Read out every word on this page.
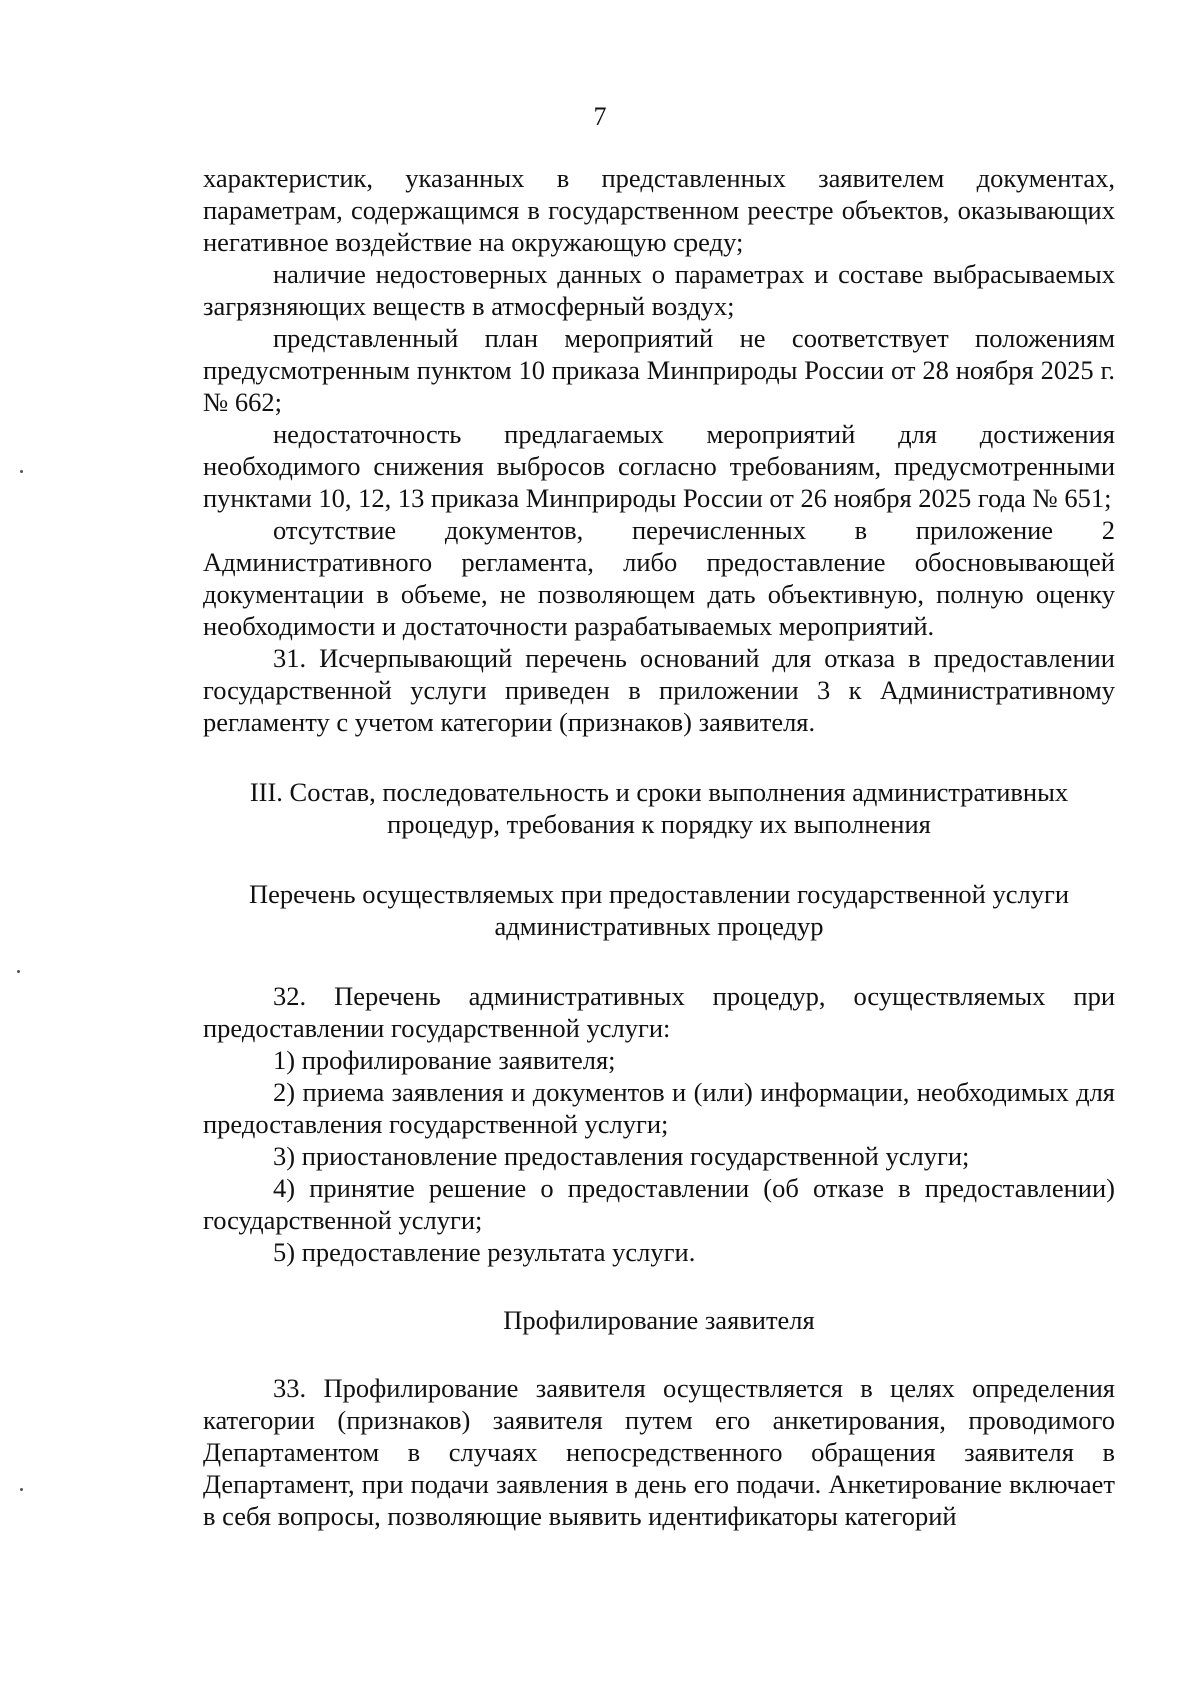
7

характеристик, указанных в представленных заявителем документах, параметрам, содержащимся в государственном реестре объектов, оказывающих негативное воздействие на окружающую среду;

наличие недостоверных данных о параметрах и составе выбрасываемых загрязняющих веществ в атмосферный воздух;

представленный план мероприятий не соответствует положениям предусмотренным пунктом 10 приказа Минприроды России от 28 ноября 2025 г. № 662;

недостаточность предлагаемых мероприятий для достижения необходимого снижения выбросов согласно требованиям, предусмотренными пунктами 10, 12, 13 приказа Минприроды России от 26 ноября 2025 года № 651;

отсутствие документов, перечисленных в приложение 2 Административного регламента, либо предоставление обосновывающей документации в объеме, не позволяющем дать объективную, полную оценку необходимости и достаточности разрабатываемых мероприятий.

31. Исчерпывающий перечень оснований для отказа в предоставлении государственной услуги приведен в приложении 3 к Административному регламенту с учетом категории (признаков) заявителя.

III. Состав, последовательность и сроки выполнения административных процедур, требования к порядку их выполнения

Перечень осуществляемых при предоставлении государственной услуги административных процедур

32. Перечень административных процедур, осуществляемых при предоставлении государственной услуги:

1) профилирование заявителя;

2) приема заявления и документов и (или) информации, необходимых для предоставления государственной услуги;

3) приостановление предоставления государственной услуги;

4) принятие решение о предоставлении (об отказе в предоставлении) государственной услуги;

5) предоставление результата услуги.

Профилирование заявителя

33. Профилирование заявителя осуществляется в целях определения категории (признаков) заявителя путем его анкетирования, проводимого Департаментом в случаях непосредственного обращения заявителя в Департамент, при подачи заявления в день его подачи. Анкетирование включает в себя вопросы, позволяющие выявить идентификаторы категорий
